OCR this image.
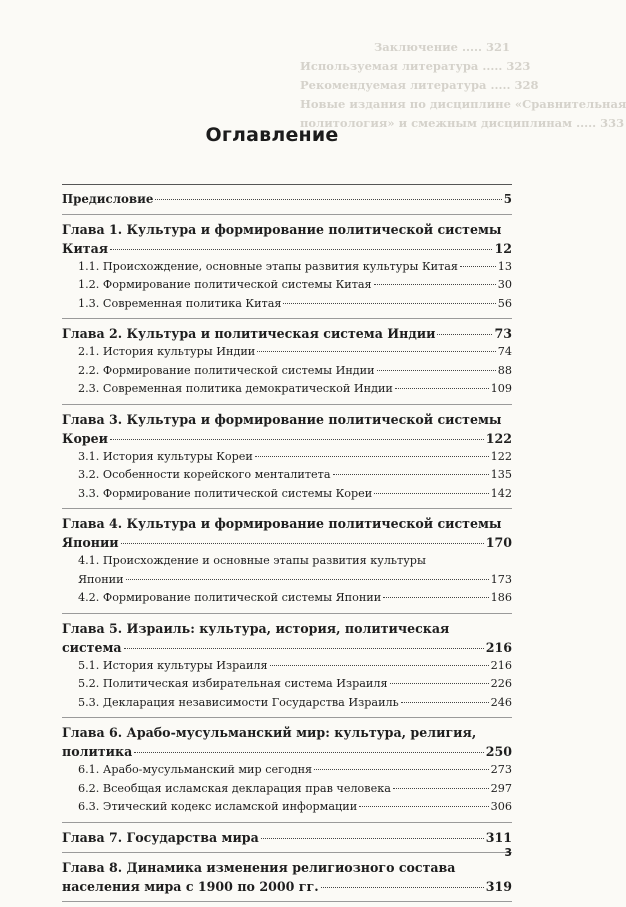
Заключение ..... 321
Используемая литература ..... 323
Рекомендуемая литература ..... 328
Новые издания по дисциплине «Сравнительная
политология» и смежным дисциплинам ..... 333
Оглавление
Предисловие	5
Глава 1. Культура и формирование политической системы
Китая	12
1.1. Происхождение, основные этапы развития культуры Китая	13
1.2. Формирование политической системы Китая	30
1.3. Современная политика Китая	56
Глава 2. Культура и политическая система Индии	73
2.1. История культуры Индии	74
2.2. Формирование политической системы Индии	88
2.3. Современная политика демократической Индии	109
Глава 3. Культура и формирование политической системы
Кореи	122
3.1. История культуры Кореи	122
3.2. Особенности корейского менталитета	135
3.3. Формирование политической системы Кореи	142
Глава 4. Культура и формирование политической системы
Японии	170
4.1. Происхождение и основные этапы развития культуры
Японии	173
4.2. Формирование политической системы Японии	186
Глава 5. Израиль: культура, история, политическая
система	216
5.1. История культуры Израиля	216
5.2. Политическая избирательная система Израиля	226
5.3. Декларация независимости Государства Израиль	246
Глава 6. Арабо-мусульманский мир: культура, религия,
политика	250
6.1. Арабо-мусульманский мир сегодня	273
6.2. Всеобщая исламская декларация прав человека	297
6.3. Этический кодекс исламской информации	306
Глава 7. Государства мира	311
Глава 8. Динамика изменения религиозного состава
населения мира с 1900 по 2000 гг.	319
3
